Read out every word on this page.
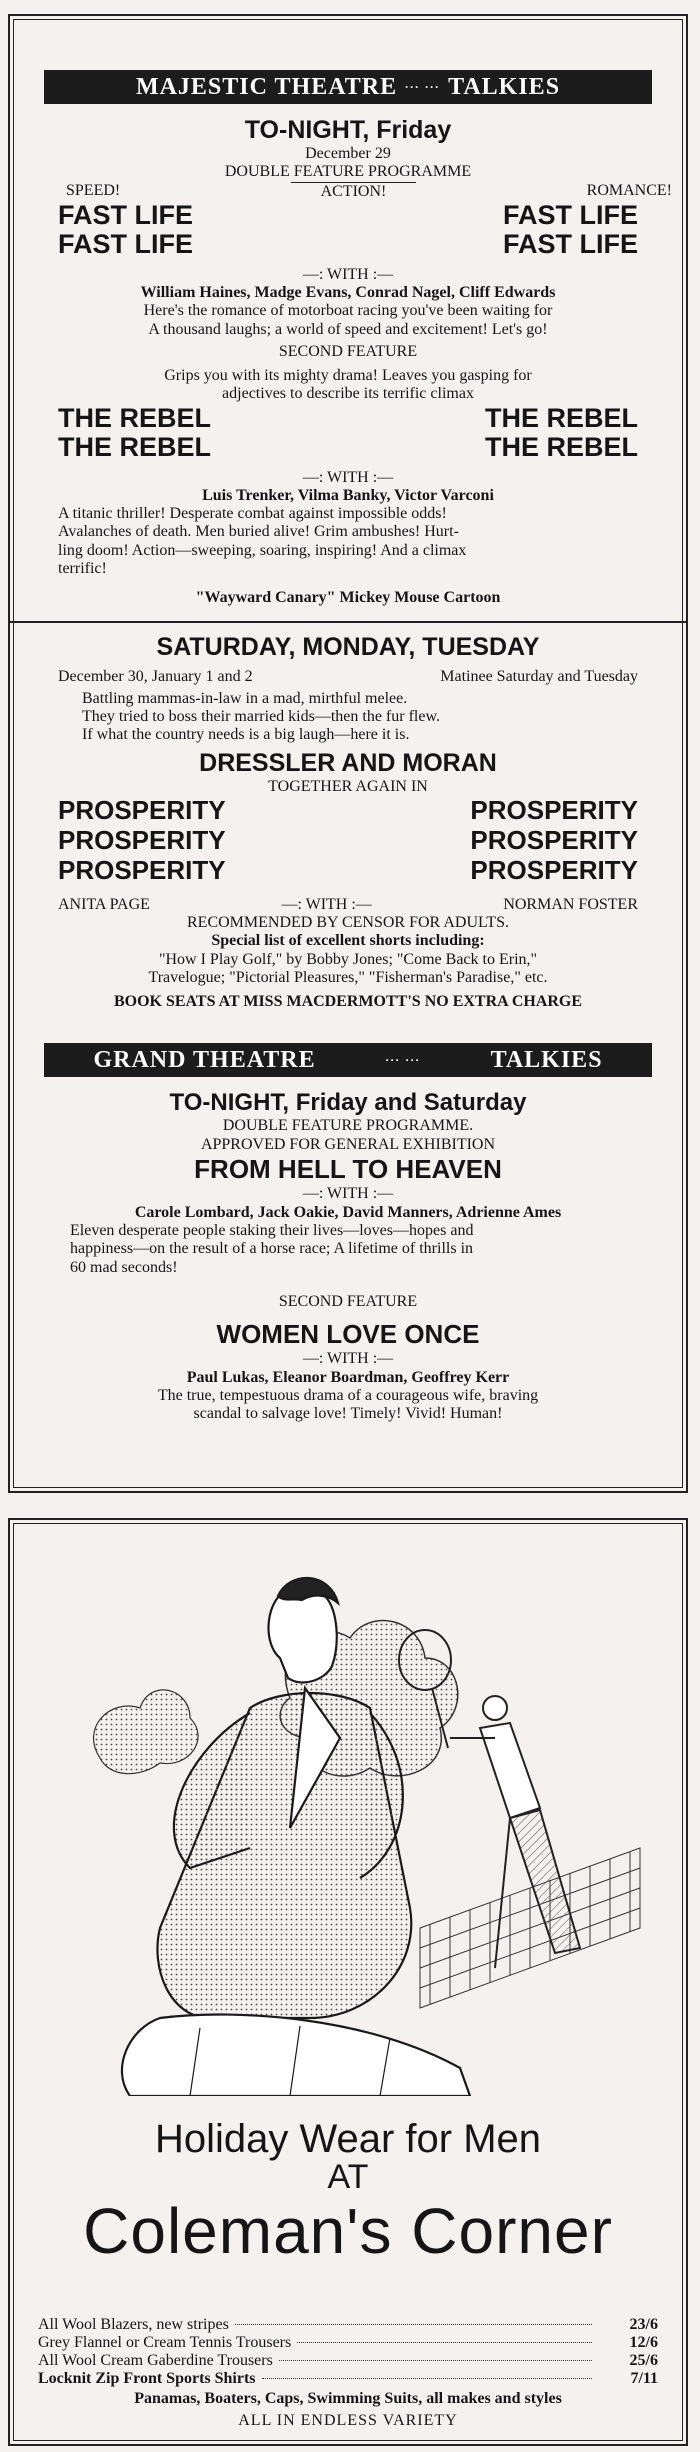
MAJESTIC THEATRE ∙∙∙ ∙∙∙ TALKIES
TO-NIGHT, Friday
December 29
DOUBLE FEATURE PROGRAMME
SPEED!	ACTION!	ROMANCE!
FAST LIFE	FAST LIFE
FAST LIFE	FAST LIFE
—: WITH :—
William Haines, Madge Evans, Conrad Nagel, Cliff Edwards
Here's the romance of motorboat racing you've been waiting for
A thousand laughs; a world of speed and excitement! Let's go!
SECOND FEATURE
Grips you with its mighty drama! Leaves you gasping for
adjectives to describe its terrific climax
THE REBEL	THE REBEL
THE REBEL	THE REBEL
—: WITH :—
Luis Trenker, Vilma Banky, Victor Varconi
A titanic thriller! Desperate combat against impossible odds!
Avalanches of death. Men buried alive! Grim ambushes! Hurt-
ling doom! Action—sweeping, soaring, inspiring! And a climax
terrific!
"Wayward Canary" Mickey Mouse Cartoon
SATURDAY, MONDAY, TUESDAY
December 30, January 1 and 2	Matinee Saturday and Tuesday
Battling mammas-in-law in a mad, mirthful melee.
They tried to boss their married kids—then the fur flew.
If what the country needs is a big laugh—here it is.
DRESSLER AND MORAN
TOGETHER AGAIN IN
PROSPERITY	PROSPERITY
PROSPERITY	PROSPERITY
PROSPERITY	PROSPERITY
ANITA PAGE	—: WITH :—	NORMAN FOSTER
RECOMMENDED BY CENSOR FOR ADULTS.
Special list of excellent shorts including:
"How I Play Golf," by Bobby Jones; "Come Back to Erin,"
Travelogue; "Pictorial Pleasures," "Fisherman's Paradise," etc.
BOOK SEATS AT MISS MACDERMOTT'S NO EXTRA CHARGE
GRAND THEATRE	∙∙∙ ∙∙∙	TALKIES
TO-NIGHT, Friday and Saturday
DOUBLE FEATURE PROGRAMME.
APPROVED FOR GENERAL EXHIBITION
FROM HELL TO HEAVEN
—: WITH :—
Carole Lombard, Jack Oakie, David Manners, Adrienne Ames
Eleven desperate people staking their lives—loves—hopes and
happiness—on the result of a horse race; A lifetime of thrills in
60 mad seconds!
SECOND FEATURE
WOMEN LOVE ONCE
—: WITH :—
Paul Lukas, Eleanor Boardman, Geoffrey Kerr
The true, tempestuous drama of a courageous wife, braving
scandal to salvage love! Timely! Vivid! Human!
Holiday Wear for Men
AT
Coleman's Corner
All Wool Blazers, new stripes	23/6
Grey Flannel or Cream Tennis Trousers	12/6
All Wool Cream Gaberdine Trousers	25/6
Locknit Zip Front Sports Shirts	7/11
Panamas, Boaters, Caps, Swimming Suits, all makes and styles
ALL IN ENDLESS VARIETY
